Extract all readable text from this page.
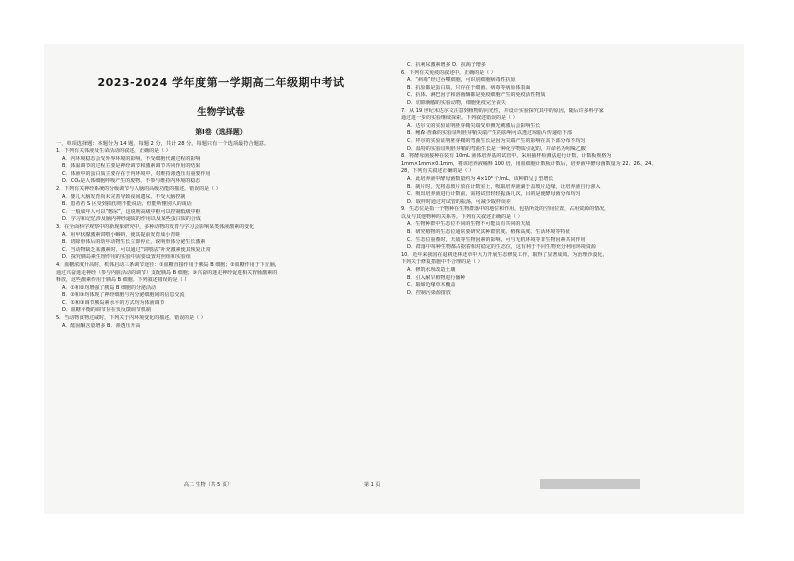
2023-2024 学年度第一学期高二年级期中考试
生物学试卷
第I卷（选择题）
一、单项选择题：本题分为 14 题，每题 2 分，共计 28 分。每题只有一个选项最符合题意。
1．下列有关体液及生命活动的叙述，正确的是（ ）
A．内环境稳态会受外界环境的影响，不受细胞代谢过程的影响
B．体温调节的过程主要是神经调节和激素调节共同作用的结果
C．体液中的蛋白质主要存在于内环境中，对维持渗透压有重要作用
D．CO₂是人体细胞呼吸产生的废物，不参与维持内环境的稳态
2．下列有关神经系统的分级调节与人脑的高级功能的描述，错误的是（ ）
A．婴儿大脑发育尚未完善导致夜间遗尿，不受大脑控制
B．患者若 S 区受到损伤则不能说话，但能听懂别人的谈话
C．一般成年人可以“憋尿”，这说明高级中枢可以控制低级中枢
D．学习和记忆涉及脑内神经递质的作用以及某些蛋白质的合成
3．在全面科学观察中的新现象研究中，多种动物的发育与学习会影响某类体液激素的变化
A．用甲状腺激素饲喂小蝌蚪，使其提前发育成小青蛙
B．切除垂体后的幼年动物生长立即停止，说明垂体分泌生长激素
C．当动物缺乏某激素时，可以通过“饲喂法”补充激素使其恢复正常
D．探究胰岛素生理作用的实验中需要设置对照组和实验组
4．血糖浓度升高时，机体启动三条调节途径：①血糖直接作用于胰岛 B 细胞；②血糖作用于下丘脑，
通过兴奋迷走神经（参与内脏活动的调节）支配胰岛 B 细胞；③兴奋的迷走神经促进相关胃肠激素的
释放，这些激素作用于胰岛 B 细胞。下列叙述错误的是（ ）
A．①和②均增强了胰岛 B 细胞的分泌活动
B．②和③均体现了神经细胞与内分泌细胞间的信息交流
C．①和③调节胰岛素水平的方式均为体液调节
D．血糖平衡的调节存在负反馈调节机制
5．当动物食物过咸时，下列关于内环境变化的描述，错误的是（ ）
A．醛固酮含量增多 B．渗透压升高
C．抗利尿激素增多 D．抗渴子增多
6．下列有关免疫的叙述中，正确的是（ ）
A．“病毒”经过吞噬细胞，可识别细胞病毒性抗原
B．抗原都是蛋白质，只存在于细菌、病毒等病原体表面
C．抗体、淋巴因子和溶菌酶都是免疫细胞产生的免疫活性物质
D．切除胸腺的实验动物，细胞免疫完全丧失
7．从 19 世纪末达尔文注意到植物的向光性，并设计实验探究其中的原因，随后许多科学家
通过进一步的实验继续探索。下列叙述错误的是（ ）
A．达尔文的实验证明胚芽鞘尖端受单侧光刺激后会影响生长
B．鲍森·詹森的实验证明胚芽鞘尖端产生的影响可以透过琼脂片传递给下部
C．拜尔的实验证明胚芽鞘的弯曲生长是因为尖端产生的影响在其下部分布不均匀
D．温特的实验证明胚芽鞘的弯曲生长是一种化学物质引起的，并命名为吲哚乙酸
8．将酵母菌接种在装有 10mL 液体培养基的试管中，采用抽样检测法进行计数，计数板规格为
1mm×1mm×0.1mm，将该培养液稀释 100 倍，用血细胞计数板计数后，培养液中酵母菌数量为 22、26、24、
28，下列有关叙述正确的是（ ）
A．此培养液中酵母菌数量约为 4×10⁸ 个/mL，该种群呈 J 型增长
B．制片时，先将盖玻片放在计数室上，吸取培养液滴于盖玻片边缘，让培养液自行渗入
C．吸出培养液进行计数前，需将试管轻轻振荡几次，目的是使酵母菌分布均匀
D．取样时通过对试管的振荡，可减少取样误差
9．生态位是指一个物种在生物群落中的地位和作用，包括所处的空间位置，占用资源的情况，
以及与其他物种的关系等。下列有关叙述正确的是（ ）
A．生物种群中生态位不同的生物不可能具有共同的天敌
B．研究植物的生态位通常要研究其种群密度、植株高度、生活环境等特征
C．生态位重叠时，天敌等生物因素的影响，可与无机环境等非生物因素共同作用
D．群落中每种生物都占据着相对稳定的生态位，这有利于不同生物充分利用环境资源
10．近年来我国在退耕还林还草中大力开展生态修复工作，取得了显著成效。为治理沙漠化，
下列关于修复措施中不合理的是（ ）
A．修筑水坝改造土壤
B．引入耐旱植物进行播种
C．取缔近缘草木覆盖
D．控制污染源排放
高二 生物（共 5 页）	第 1 页
